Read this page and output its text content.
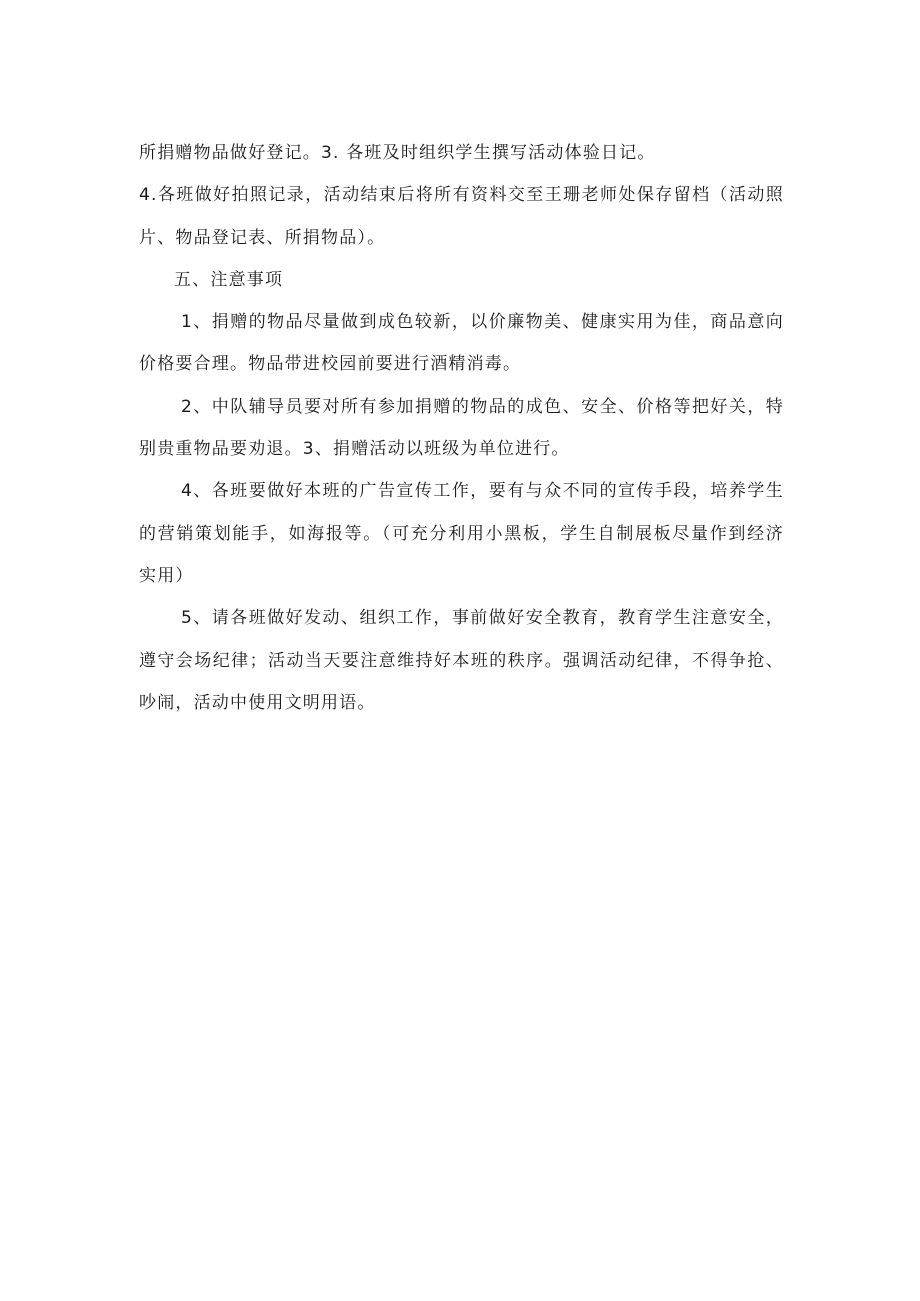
所捐赠物品做好登记。3. 各班及时组织学生撰写活动体验日记。

4.各班做好拍照记录，活动结束后将所有资料交至王珊老师处保存留档（活动照片、物品登记表、所捐物品）。

五、注意事项

1、捐赠的物品尽量做到成色较新，以价廉物美、健康实用为佳，商品意向价格要合理。物品带进校园前要进行酒精消毒。

2、中队辅导员要对所有参加捐赠的物品的成色、安全、价格等把好关，特别贵重物品要劝退。3、捐赠活动以班级为单位进行。

4、各班要做好本班的广告宣传工作，要有与众不同的宣传手段，培养学生的营销策划能手，如海报等。（可充分利用小黑板，学生自制展板尽量作到经济实用）

5、请各班做好发动、组织工作，事前做好安全教育，教育学生注意安全，遵守会场纪律；活动当天要注意维持好本班的秩序。强调活动纪律，不得争抢、吵闹，活动中使用文明用语。
